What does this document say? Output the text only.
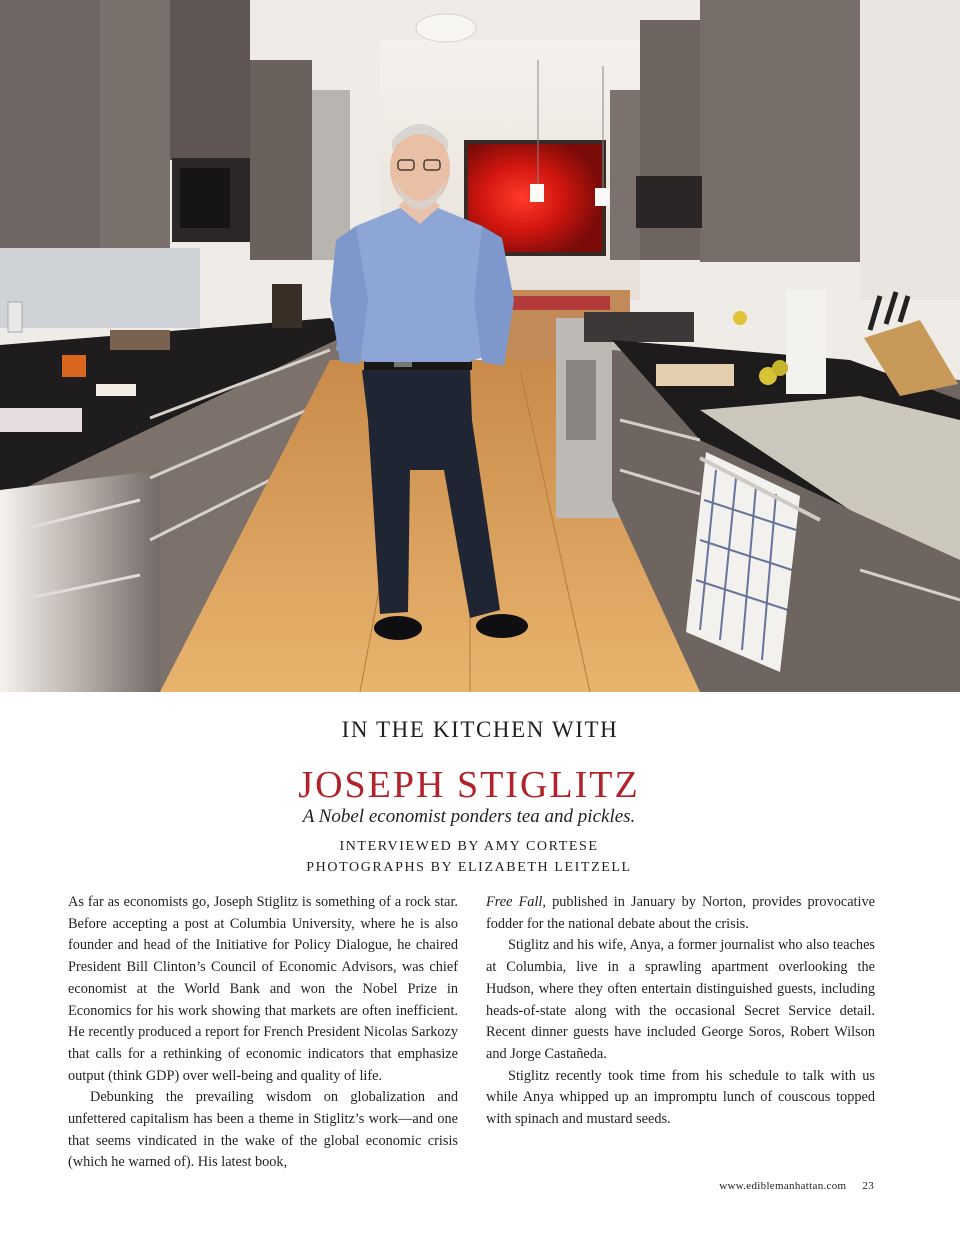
IN THE KITCHEN WITH
JOSEPH STIGLITZ
A Nobel economist ponders tea and pickles.
INTERVIEWED BY AMY CORTESE
PHOTOGRAPHS BY ELIZABETH LEITZELL

As far as economists go, Joseph Stiglitz is something of a rock star. Before accepting a post at Columbia University, where he is also founder and head of the Initiative for Policy Dialogue, he chaired President Bill Clinton’s Council of Economic Advisors, was chief economist at the World Bank and won the Nobel Prize in Economics for his work showing that markets are often inefficient. He recently produced a report for French President Nicolas Sarkozy that calls for a rethinking of economic indicators that emphasize output (think GDP) over well-being and quality of life.

Debunking the prevailing wisdom on globalization and unfettered capitalism has been a theme in Stiglitz’s work—and one that seems vindicated in the wake of the global economic crisis (which he warned of). His latest book,

Free Fall, published in January by Norton, provides provocative fodder for the national debate about the crisis.

Stiglitz and his wife, Anya, a former journalist who also teaches at Columbia, live in a sprawling apartment overlooking the Hudson, where they often entertain distinguished guests, including heads-of-state along with the occasional Secret Service detail. Recent dinner guests have included George Soros, Robert Wilson and Jorge Castañeda.

Stiglitz recently took time from his schedule to talk with us while Anya whipped up an impromptu lunch of couscous topped with spinach and mustard seeds.

www.ediblemanhattan.com 23
